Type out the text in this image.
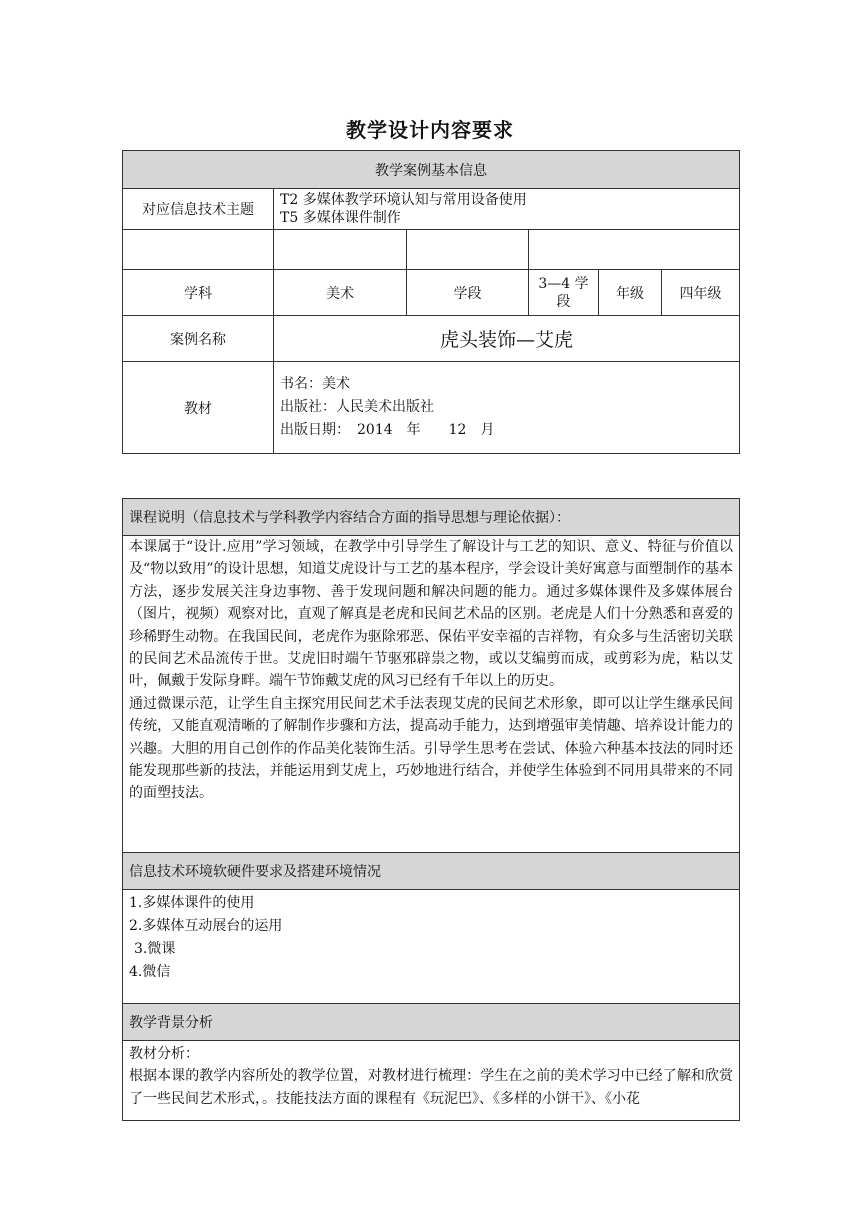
教学设计内容要求
教学案例基本信息					
对应信息技术主题	T2 多媒体教学环境认知与常用设备使用
T5 多媒体课件制作				

学科	美术	学段	3—4 学段	年级	四年级
案例名称	虎头装饰—艾虎				
教材	书名：美术
出版社：人民美术出版社
出版日期：　2014　年　　12　月				
课程说明（信息技术与学科教学内容结合方面的指导思想与理论依据）：

本课属于“设计.应用”学习领域，在教学中引导学生了解设计与工艺的知识、意义、特征与价值以及“物以致用”的设计思想，知道艾虎设计与工艺的基本程序，学会设计美好寓意与面塑制作的基本方法，逐步发展关注身边事物、善于发现问题和解决问题的能力。通过多媒体课件及多媒体展台（图片，视频）观察对比，直观了解真是老虎和民间艺术品的区别。老虎是人们十分熟悉和喜爱的珍稀野生动物。在我国民间，老虎作为驱除邪恶、保佑平安幸福的吉祥物，有众多与生活密切关联的民间艺术品流传于世。艾虎旧时端午节驱邪辟祟之物，或以艾编剪而成，或剪彩为虎，粘以艾叶，佩戴于发际身畔。端午节饰戴艾虎的风习已经有千年以上的历史。
通过微课示范，让学生自主探究用民间艺术手法表现艾虎的民间艺术形象，即可以让学生继承民间传统，又能直观清晰的了解制作步骤和方法，提高动手能力，达到增强审美情趣、培养设计能力的兴趣。大胆的用自己创作的作品美化装饰生活。引导学生思考在尝试、体验六种基本技法的同时还能发现那些新的技法，并能运用到艾虎上，巧妙地进行结合，并使学生体验到不同用具带来的不同的面塑技法。

信息技术环境软硬件要求及搭建环境情况

1.多媒体课件的使用
2.多媒体互动展台的运用
3.微课
4.微信

教学背景分析

教材分析：
根据本课的教学内容所处的教学位置，对教材进行梳理：学生在之前的美术学习中已经了解和欣赏了一些民间艺术形式，。技能技法方面的课程有《玩泥巴》、《多样的小饼干》、《小花
